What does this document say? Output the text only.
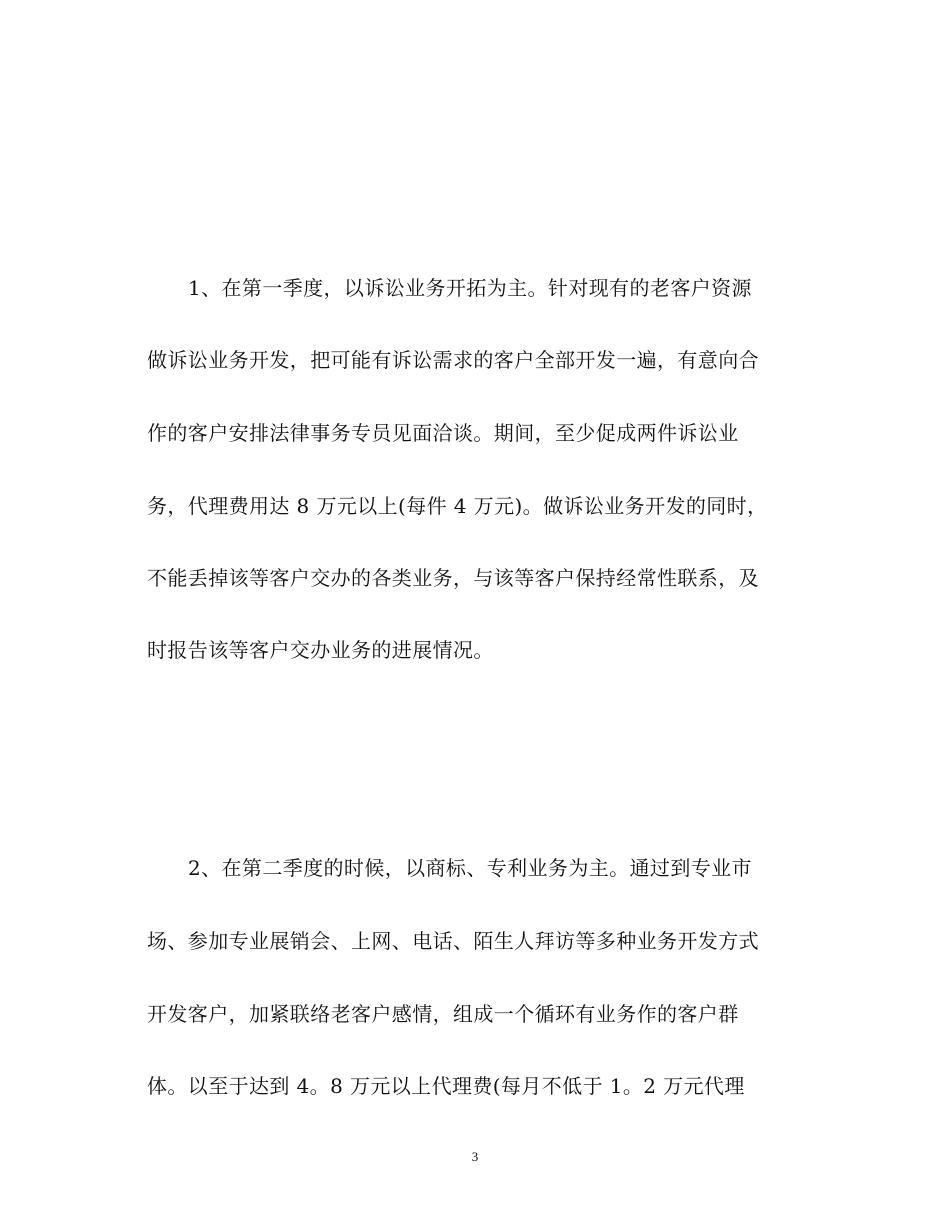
1、在第一季度，以诉讼业务开拓为主。针对现有的老客户资源
做诉讼业务开发，把可能有诉讼需求的客户全部开发一遍，有意向合
作的客户安排法律事务专员见面洽谈。期间，至少促成两件诉讼业
务，代理费用达 8 万元以上(每件 4 万元)。做诉讼业务开发的同时，
不能丢掉该等客户交办的各类业务，与该等客户保持经常性联系，及
时报告该等客户交办业务的进展情况。
2、在第二季度的时候，以商标、专利业务为主。通过到专业市
场、参加专业展销会、上网、电话、陌生人拜访等多种业务开发方式
开发客户，加紧联络老客户感情，组成一个循环有业务作的客户群
体。以至于达到 4。8 万元以上代理费(每月不低于 1。2 万元代理
3
